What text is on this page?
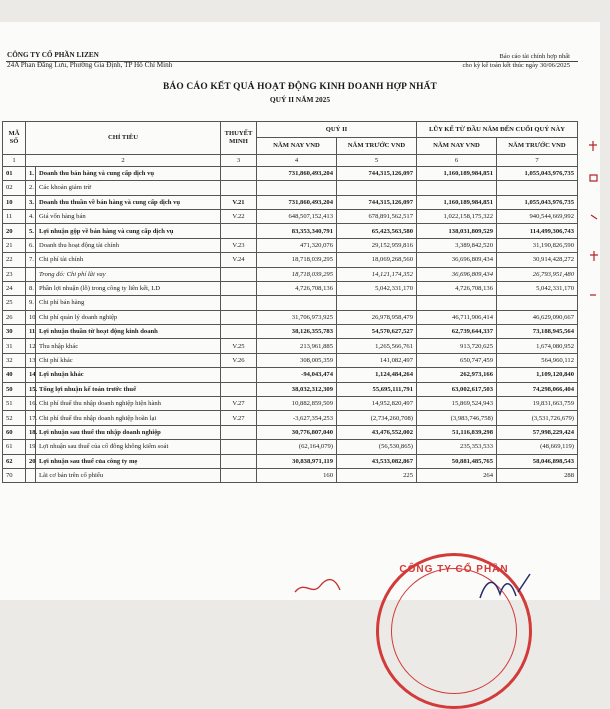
CÔNG TY CỔ PHẦN LIZEN
24A Phan Đăng Lưu, Phường Gia Định, TP Hồ Chí Minh
Báo cáo tài chính hợp nhất
cho kỳ kế toán kết thúc ngày 30/06/2025
BÁO CÁO KẾT QUẢ HOẠT ĐỘNG KINH DOANH HỢP NHẤT
QUÝ II NĂM 2025
MÃ SỐ	CHỈ TIÊU		THUYẾT MINH	QUÝ II		LŨY KẾ TỪ ĐẦU NĂM ĐẾN CUỐI QUÝ NÀY	
				NĂM NAY VND	NĂM TRƯỚC VND	NĂM NAY VND	NĂM TRƯỚC VND
1	2		3	4	5	6	7
01	1.	Doanh thu bán hàng và cung cấp dịch vụ		731,860,493,204	744,315,126,097	1,160,189,984,851	1,055,043,976,735
02	2.	Các khoản giảm trừ					
10	3.	Doanh thu thuần về bán hàng và cung cấp dịch vụ	V.21	731,860,493,204	744,315,126,097	1,160,189,984,851	1,055,043,976,735
11	4.	Giá vốn hàng bán	V.22	648,507,152,413	678,891,562,517	1,022,158,175,322	940,544,669,992
20	5.	Lợi nhuận gộp về bán hàng và cung cấp dịch vụ		83,353,340,791	65,423,563,580	138,031,809,529	114,499,306,743
21	6.	Doanh thu hoạt động tài chính	V.23	471,320,076	29,152,959,816	3,389,842,520	31,190,826,590
22	7.	Chi phí tài chính	V.24	18,718,039,295	18,069,268,560	36,696,809,434	30,914,428,272
23		Trong đó: Chi phí lãi vay		18,718,039,295	14,121,174,352	36,696,809,434	26,793,951,480
24	8.	Phần lợi nhuận (lỗ) trong công ty liên kết, LD		4,726,708,136	5,042,331,170	4,726,708,136	5,042,331,170
25	9.	Chi phí bán hàng					
26	10	Chi phí quản lý doanh nghiệp		31,706,973,925	26,978,958,479	46,711,906,414	46,629,090,667
30	11	Lợi nhuận thuần từ hoạt động kinh doanh		38,126,355,783	54,570,627,527	62,739,644,337	73,188,945,564
31	12	Thu nhập khác	V.25	213,961,885	1,265,566,761	913,720,625	1,674,080,952
32	13	Chi phí khác	V.26	308,005,359	141,082,497	650,747,459	564,960,112
40	14	Lợi nhuận khác		-94,043,474	1,124,484,264	262,973,166	1,109,120,840
50	15.	Tổng lợi nhuận kế toán trước thuế		38,032,312,309	55,695,111,791	63,002,617,503	74,298,066,404
51	16.	Chi phí thuế thu nhập doanh nghiệp hiện hành	V.27	10,882,859,509	14,952,820,497	15,869,524,943	19,831,663,759
52	17.	Chi phí thuế thu nhập doanh nghiệp hoãn lại	V.27	-3,627,354,253	(2,734,260,708)	(3,983,746,758)	(3,531,726,679)
60	18.	Lợi nhuận sau thuế thu nhập doanh nghiệp		30,776,807,040	43,476,552,002	51,116,839,298	57,998,229,424
61	19	Lợi nhuận sau thuế của cổ đông không kiểm soát		(62,164,079)	(56,530,865)	235,353,533	(48,669,119)
62	20	Lợi nhuận sau thuế của công ty mẹ		30,838,971,119	43,533,082,867	50,881,485,765	58,046,898,543
70		Lãi cơ bản trên cổ phiếu		160	225	264	288
CÔNG TY CỔ PHẦN
